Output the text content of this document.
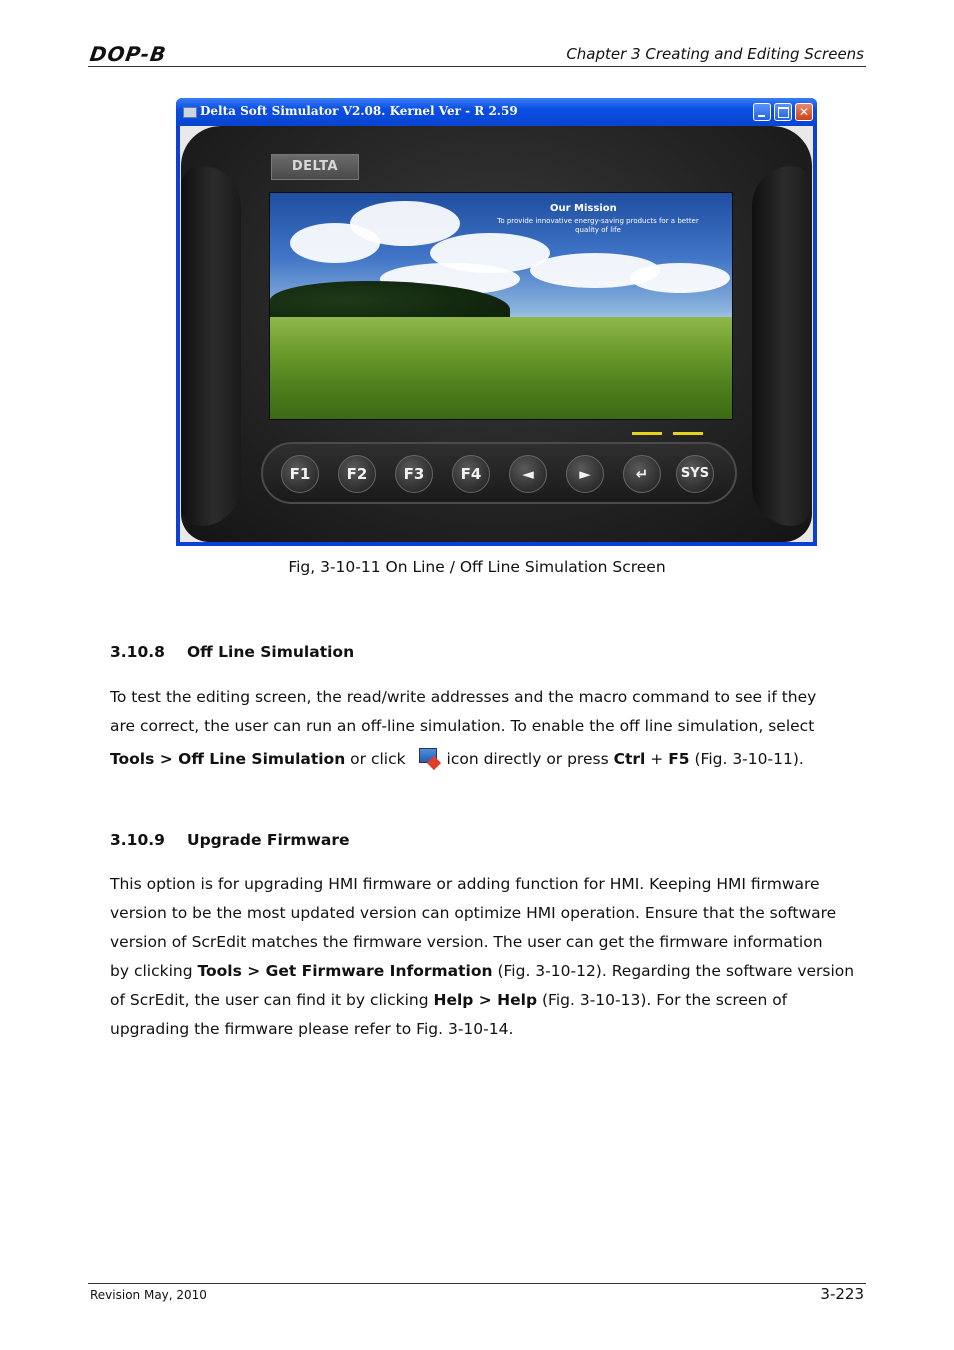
DOP-B	Chapter 3 Creating and Editing Screens
Delta Soft Simulator V2.08. Kernel Ver - R 2.59	✕
DELTA
Our Mission
To provide innovative energy-saving products for a better quality of life
F1	F2	F3	F4	◄	►	↵	SYS
Fig, 3-10-11 On Line / Off Line Simulation Screen
3.10.8 Off Line Simulation
To test the editing screen, the read/write addresses and the macro command to see if they
are correct, the user can run an off-line simulation. To enable the off line simulation, select
Tools > Off Line Simulation or click
icon directly or press Ctrl + F5 (Fig. 3-10-11).
3.10.9 Upgrade Firmware
This option is for upgrading HMI firmware or adding function for HMI. Keeping HMI firmware
version to be the most updated version can optimize HMI operation. Ensure that the software
version of ScrEdit matches the firmware version. The user can get the firmware information
by clicking Tools > Get Firmware Information (Fig. 3-10-12). Regarding the software version
of ScrEdit, the user can find it by clicking Help > Help (Fig. 3-10-13). For the screen of
upgrading the firmware please refer to Fig. 3-10-14.
Revision May, 2010	3-223
